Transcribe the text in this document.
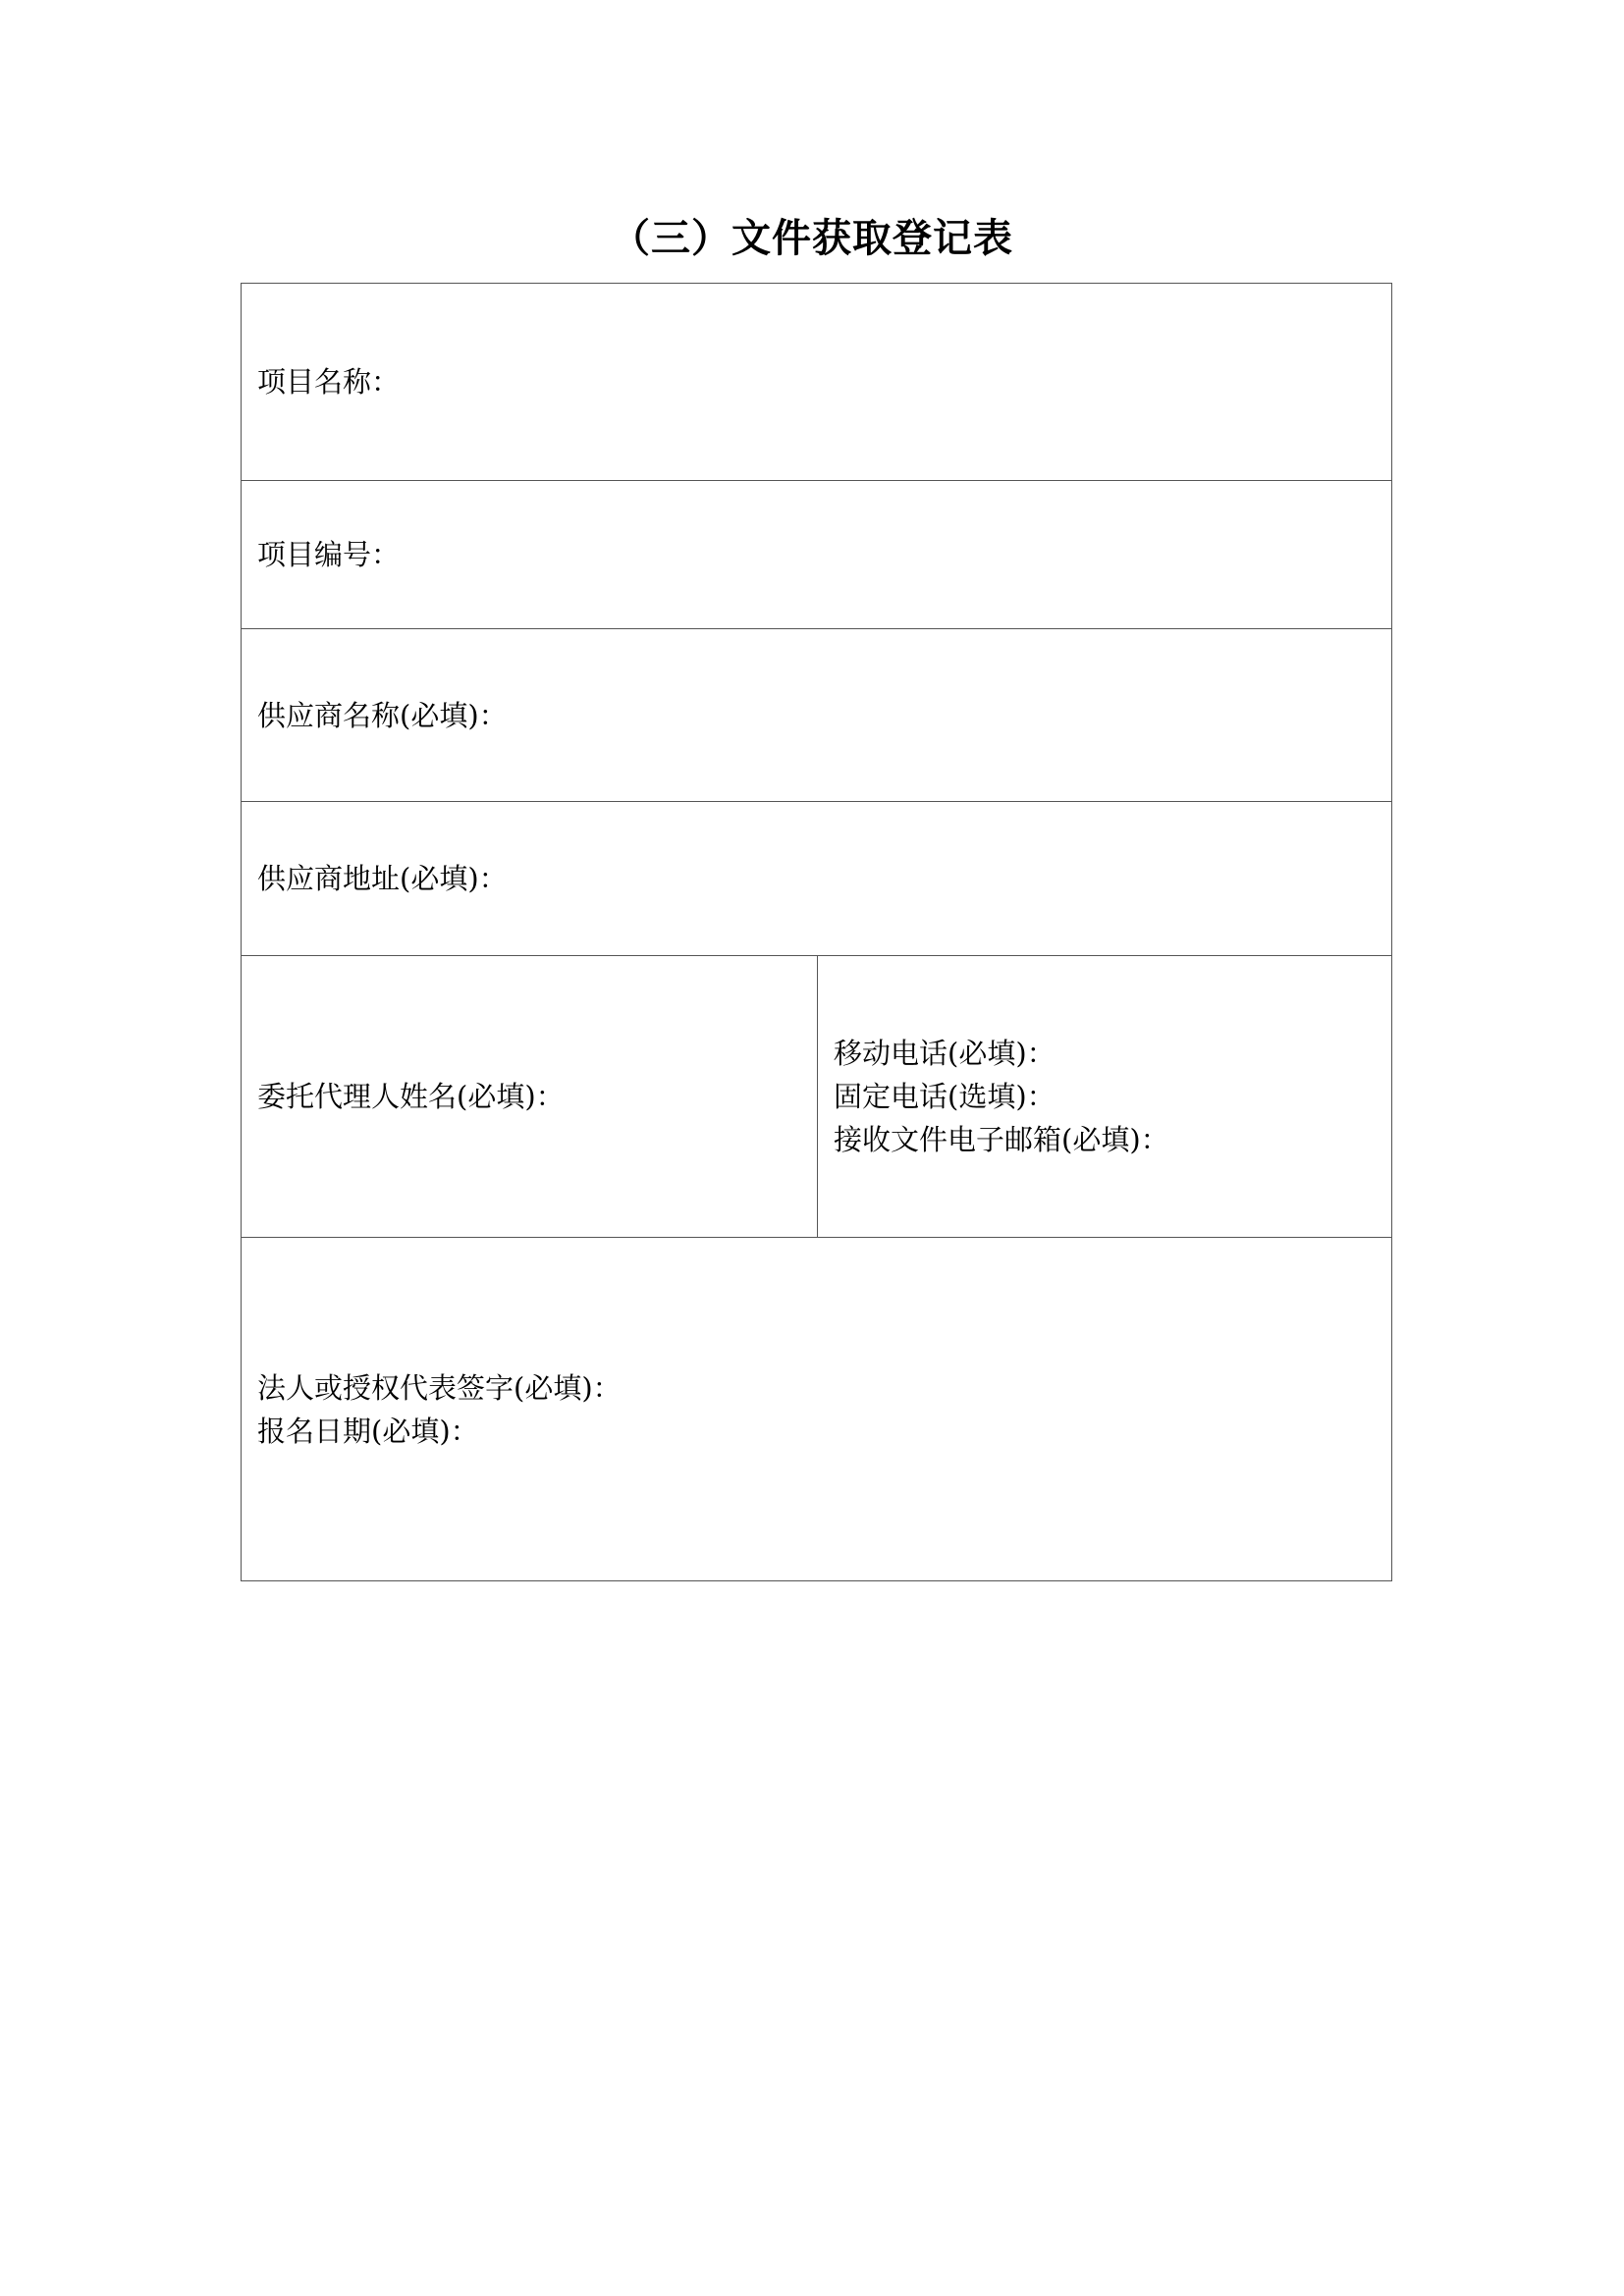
（三）文件获取登记表
项目名称：
项目编号：
供应商名称(必填)：
供应商地址(必填)：
委托代理人姓名(必填)：
移动电话(必填)：
固定电话(选填)：
接收文件电子邮箱(必填)：
法人或授权代表签字(必填)：
报名日期(必填)：
